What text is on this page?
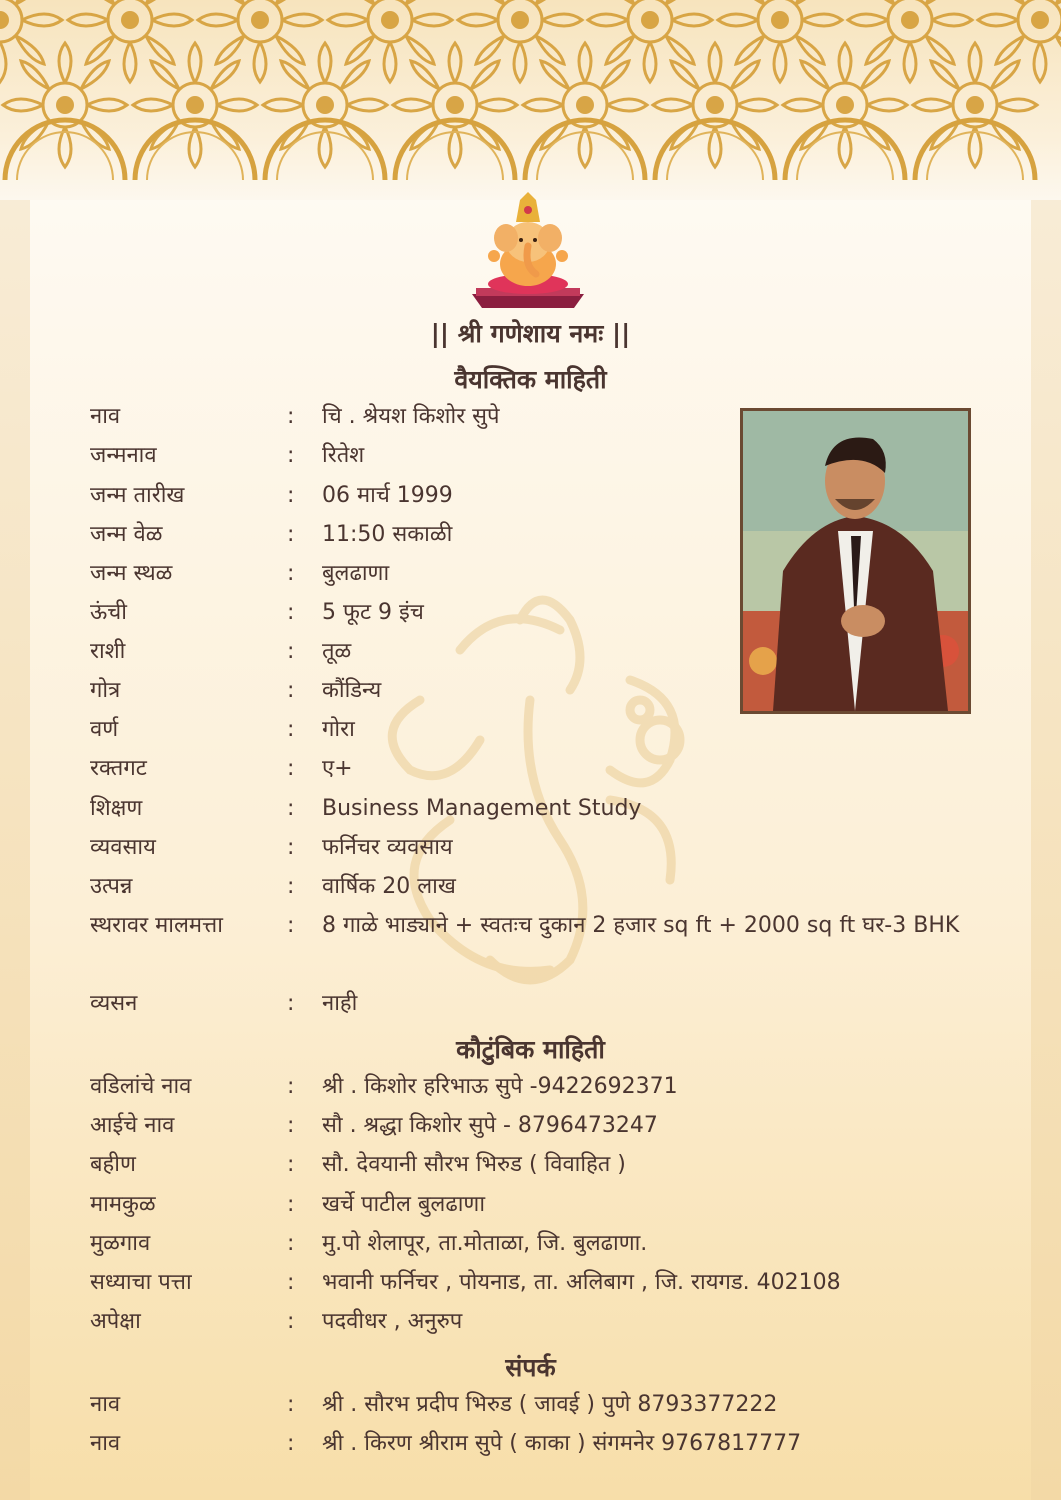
|| श्री गणेशाय नमः ||
वैयक्तिक माहिती
नाव	: चि . श्रेयश किशोर सुपे
जन्मनाव	: रितेश
जन्म तारीख	: 06 मार्च 1999
जन्म वेळ	: 11:50 सकाळी
जन्म स्थळ	: बुलढाणा
ऊंची	: 5 फूट 9 इंच
राशी	: तूळ
गोत्र	: कौंडिन्य
वर्ण	: गोरा
रक्तगट	: ए+
शिक्षण	: Business Management Study
व्यवसाय	: फर्निचर व्यवसाय
उत्पन्न	: वार्षिक 20 लाख
स्थरावर मालमत्ता	: 8 गाळे भाड्याने + स्वतःच दुकान 2 हजार sq ft + 2000 sq ft घर-3 BHK
व्यसन	: नाही
कौटुंबिक माहिती
वडिलांचे नाव	: श्री . किशोर हरिभाऊ सुपे -9422692371
आईचे नाव	: सौ . श्रद्धा किशोर सुपे - 8796473247
बहीण	: सौ. देवयानी सौरभ भिरुड ( विवाहित )
मामकुळ	: खर्चे पाटील बुलढाणा
मुळगाव	: मु.पो शेलापूर, ता.मोताळा, जि. बुलढाणा.
सध्याचा पत्ता	: भवानी फर्निचर , पोयनाड, ता. अलिबाग , जि. रायगड. 402108
अपेक्षा	: पदवीधर , अनुरुप
संपर्क
नाव	: श्री . सौरभ प्रदीप भिरुड ( जावई ) पुणे 8793377222
नाव	: श्री . किरण श्रीराम सुपे ( काका ) संगमनेर 9767817777
